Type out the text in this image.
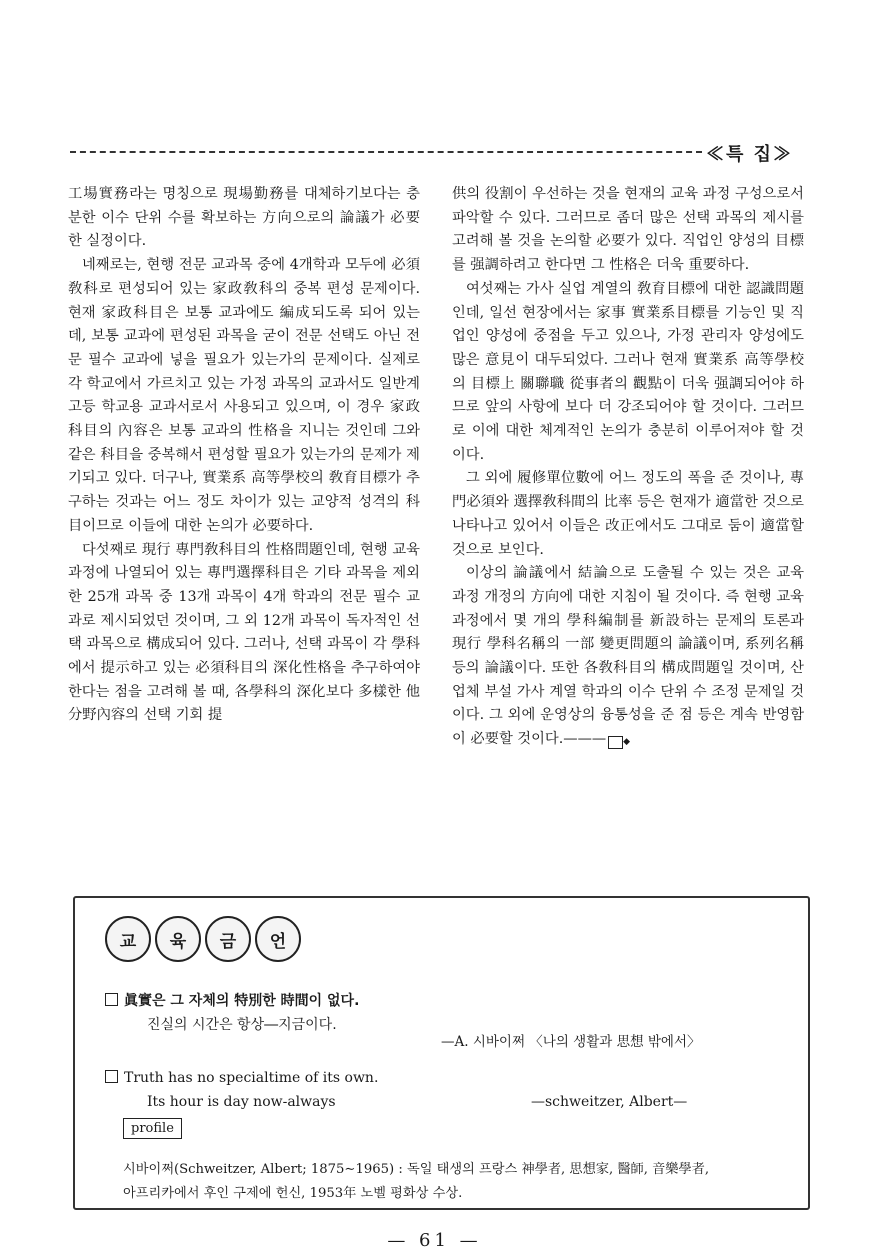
≪특 집≫

工場實務라는 명칭으로 現場勤務를 대체하기보다는 충분한 이수 단위 수를 확보하는 方向으로의 論議가 必要한 실정이다.

네째로는, 현행 전문 교과목 중에 4개학과 모두에 必須敎科로 편성되어 있는 家政敎科의 중복 편성 문제이다. 현재 家政科目은 보통 교과에도 編成되도록 되어 있는데, 보통 교과에 편성된 과목을 굳이 전문 선택도 아닌 전문 필수 교과에 넣을 필요가 있는가의 문제이다. 실제로 각 학교에서 가르치고 있는 가정 과목의 교과서도 일반계 고등 학교용 교과서로서 사용되고 있으며, 이 경우 家政科目의 內容은 보통 교과의 性格을 지니는 것인데 그와 같은 科目을 중복해서 편성할 필요가 있는가의 문제가 제기되고 있다. 더구나, 實業系 高等學校의 敎育目標가 추구하는 것과는 어느 정도 차이가 있는 교양적 성격의 科目이므로 이들에 대한 논의가 必要하다.

다섯째로 現行 專門敎科目의 性格問題인데, 현행 교육 과정에 나열되어 있는 專門選擇科目은 기타 과목을 제외한 25개 과목 중 13개 과목이 4개 학과의 전문 필수 교과로 제시되었던 것이며, 그 외 12개 과목이 독자적인 선택 과목으로 構成되어 있다. 그러나, 선택 과목이 각 學科에서 提示하고 있는 必須科目의 深化性格을 추구하여야 한다는 점을 고려해 볼 때, 各學科의 深化보다 多樣한 他分野內容의 선택 기회 提

供의 役割이 우선하는 것을 현재의 교육 과정 구성으로서 파악할 수 있다. 그러므로 좀더 많은 선택 과목의 제시를 고려해 볼 것을 논의할 必要가 있다. 직업인 양성의 目標를 强調하려고 한다면 그 性格은 더욱 重要하다.

여섯째는 가사 실업 계열의 敎育目標에 대한 認識問題인데, 일선 현장에서는 家事 實業系目標를 기능인 및 직업인 양성에 중점을 두고 있으나, 가정 관리자 양성에도 많은 意見이 대두되었다. 그러나 현재 實業系 高等學校의 目標上 關聯職 從事者의 觀點이 더욱 强調되어야 하므로 앞의 사항에 보다 더 강조되어야 할 것이다. 그러므로 이에 대한 체계적인 논의가 충분히 이루어져야 할 것이다.

그 외에 履修單位數에 어느 정도의 폭을 준 것이나, 專門必須와 選擇敎科間의 比率 등은 현재가 適當한 것으로 나타나고 있어서 이들은 改正에서도 그대로 둠이 適當할 것으로 보인다.

이상의 論議에서 結論으로 도출될 수 있는 것은 교육 과정 개정의 方向에 대한 지침이 될 것이다. 즉 현행 교육 과정에서 몇 개의 學科編制를 新設하는 문제의 토론과 現行 學科名稱의 一部 變更問題의 論議이며, 系列名稱 등의 論議이다. 또한 各敎科目의 構成問題일 것이며, 산업체 부설 가사 계열 학과의 이수 단위 수 조정 문제일 것이다. 그 외에 운영상의 융통성을 준 점 등은 계속 반영함이 必要할 것이다.——— ◆

교	육	금	언
眞實은 그 자체의 特別한 時間이 없다.
진실의 시간은 항상―지금이다.
—A. 시바이쩌 〈나의 생활과 思想 밖에서〉
Truth has no specialtime of its own.
Its hour is day now-always	—schweitzer, Albert—
profile
시바이쩌(Schweitzer, Albert; 1875∼1965) : 독일 태생의 프랑스 神學者, 思想家, 醫師, 音樂學者,
아프리카에서 후인 구제에 헌신, 1953年 노벨 평화상 수상.
— 61 —
